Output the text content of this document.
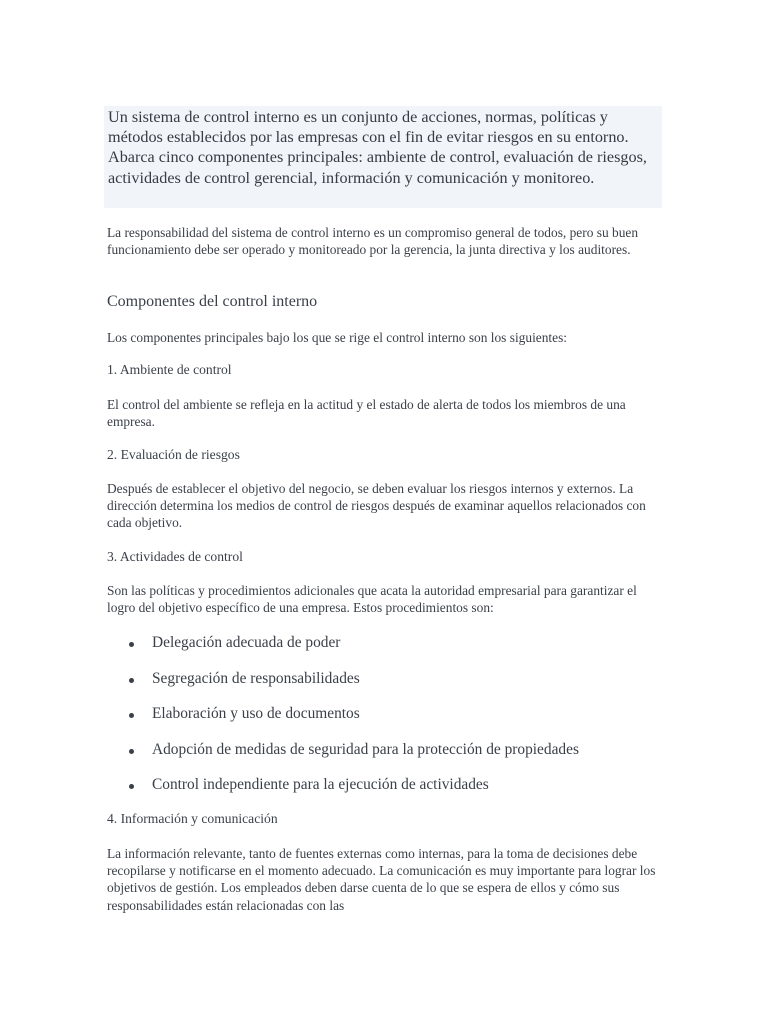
Un sistema de control interno es un conjunto de acciones, normas, políticas y métodos establecidos por las empresas con el fin de evitar riesgos en su entorno. Abarca cinco componentes principales: ambiente de control, evaluación de riesgos, actividades de control gerencial, información y comunicación y monitoreo.
La responsabilidad del sistema de control interno es un compromiso general de todos, pero su buen funcionamiento debe ser operado y monitoreado por la gerencia, la junta directiva y los auditores.
Componentes del control interno
Los componentes principales bajo los que se rige el control interno son los siguientes:
1. Ambiente de control
El control del ambiente se refleja en la actitud y el estado de alerta de todos los miembros de una empresa.
2. Evaluación de riesgos
Después de establecer el objetivo del negocio, se deben evaluar los riesgos internos y externos. La dirección determina los medios de control de riesgos después de examinar aquellos relacionados con cada objetivo.
3. Actividades de control
Son las políticas y procedimientos adicionales que acata la autoridad empresarial para garantizar el logro del objetivo específico de una empresa. Estos procedimientos son:
Delegación adecuada de poder
Segregación de responsabilidades
Elaboración y uso de documentos
Adopción de medidas de seguridad para la protección de propiedades
Control independiente para la ejecución de actividades
4. Información y comunicación
La información relevante, tanto de fuentes externas como internas, para la toma de decisiones debe recopilarse y notificarse en el momento adecuado. La comunicación es muy importante para lograr los objetivos de gestión. Los empleados deben darse cuenta de lo que se espera de ellos y cómo sus responsabilidades están relacionadas con las
